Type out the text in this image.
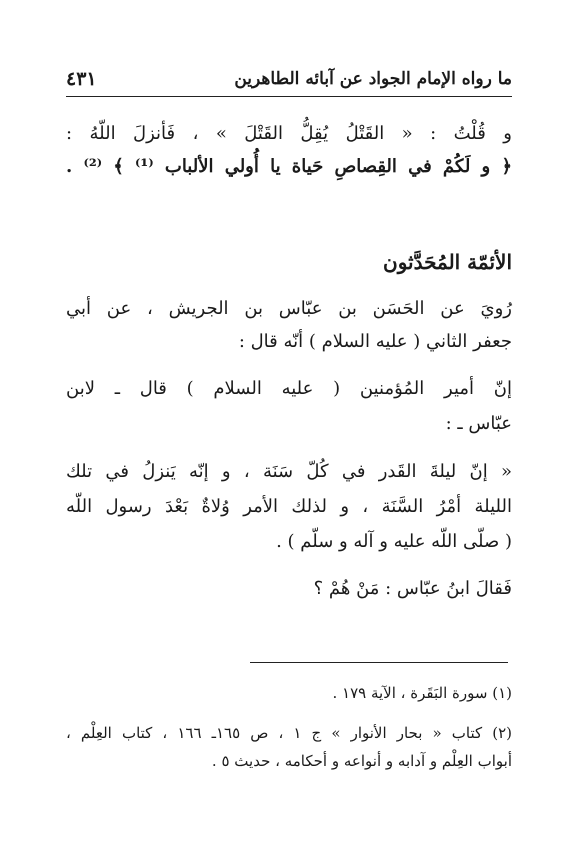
ما رواه الإمام الجواد عن آبائه الطاهرين
٤٣١
و قُلْتُ : « القَتْلُ يُقِلُّ القَتْلَ » ، فَأنزلَ اللّهُ :
﴿ و لَكُمْ في القِصاصِ حَياة يا أُولي الألباب ⁽¹⁾ ﴾ ⁽²⁾ .
الأئمّة المُحَدَّثون
رُويَ عن الحَسَن بن عبّاس بن الجريش ، عن أبي
جعفر الثاني ( عليه السلام ) أنّه قال :
إنّ أمير المُؤمنين ( عليه السلام ) قال ـ لابن
عبّاس ـ :
« إنّ ليلةَ القَدر في كُلّ سَنَة ، و إنّه يَنزلُ في تلك
الليلة أمْرُ السَّنَة ، و لذلك الأمر وُلاةٌ بَعْدَ رسول اللّه
( صلّى اللّه عليه و آله و سلّم ) .
فَقالَ ابنُ عبّاس : مَنْ هُمْ ؟
(١) سورة البَقَرة ، الآية ١٧٩ .
(٢) كتاب « بحار الأنوار » ج ١ ، ص ١٦٥ـ ١٦٦ ، كتاب العِلْم ،
أبواب العِلْم و آدابه و أنواعه و أحكامه ، حديث ٥ .
